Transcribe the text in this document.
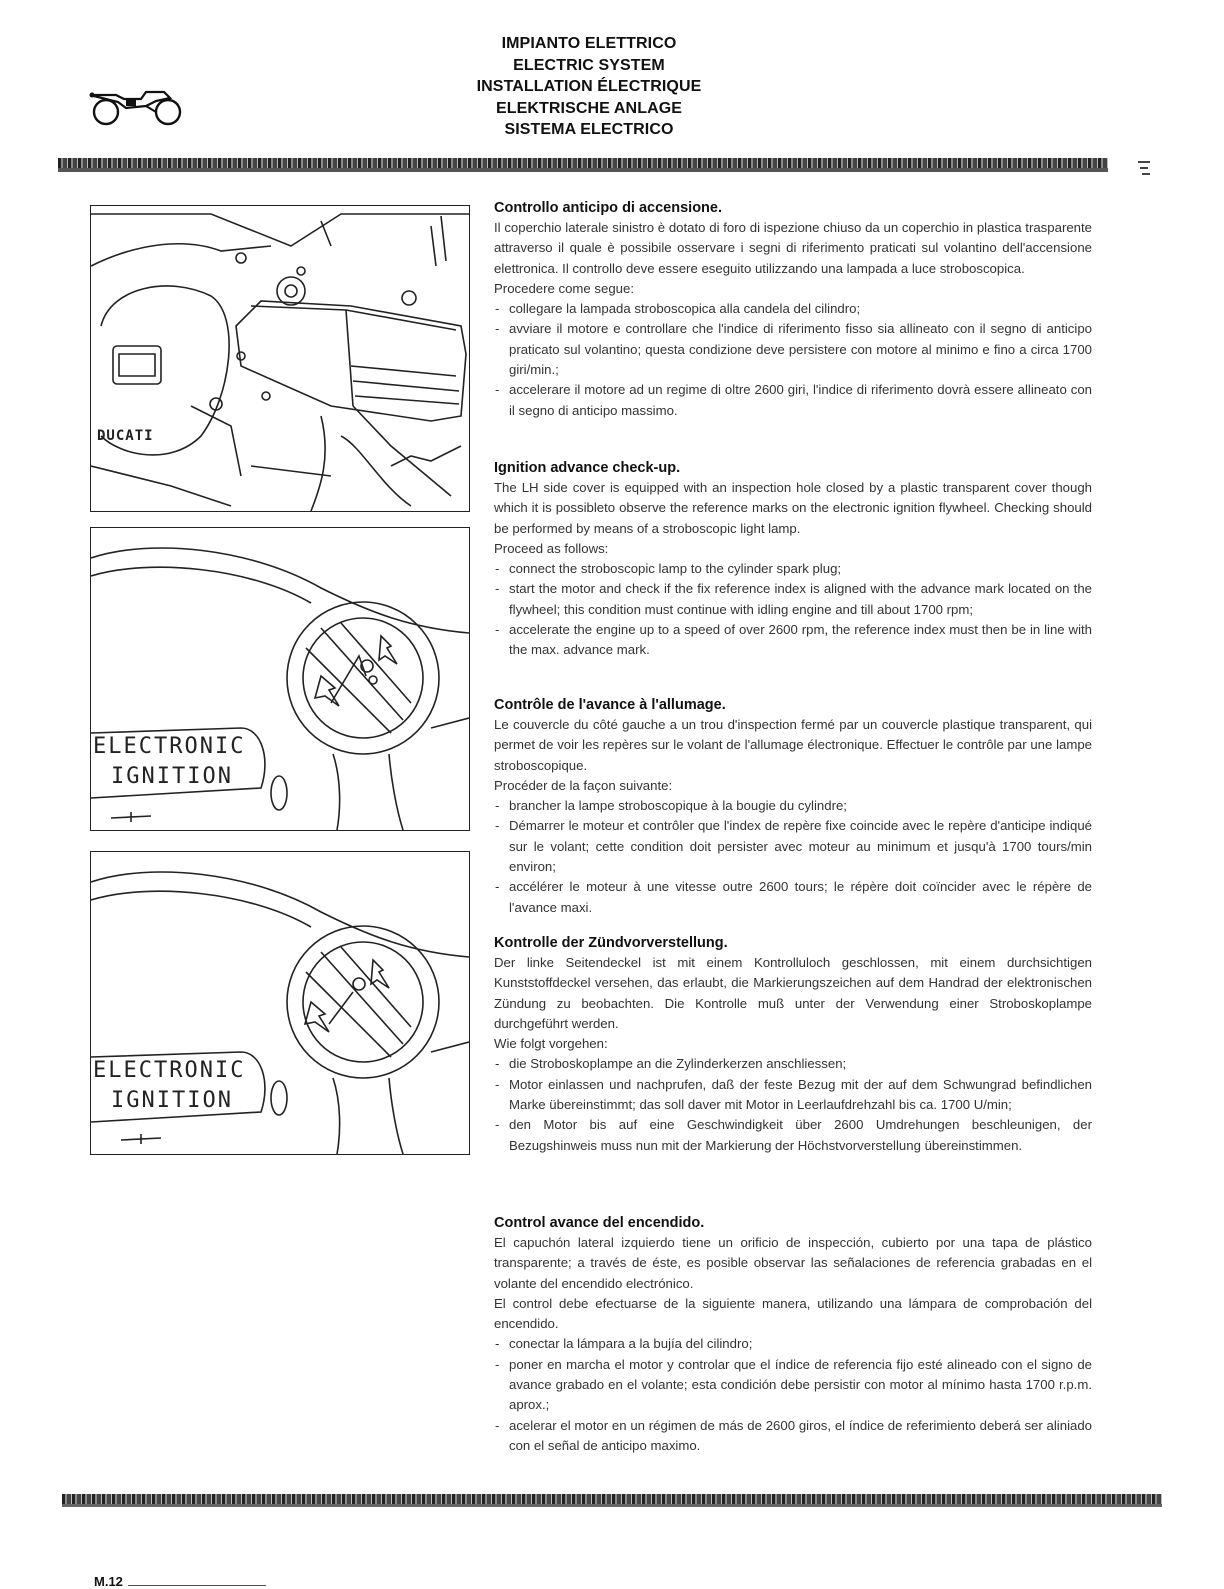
IMPIANTO ELETTRICO
ELECTRIC SYSTEM
INSTALLATION ÉLECTRIQUE
ELEKTRISCHE ANLAGE
SISTEMA ELECTRICO
DUCATI
ELECTRONIC
IGNITION
ELECTRONIC
IGNITION
Controllo anticipo di accensione.

Il coperchio laterale sinistro è dotato di foro di ispezione chiuso da un coperchio in plastica trasparente attraverso il quale è possibile osservare i segni di riferimento praticati sul volantino dell'accensione elettronica. Il controllo deve essere eseguito utilizzando una lampada a luce stroboscopica.

Procedere come segue:

- collegare la lampada stroboscopica alla candela del cilindro;
- avviare il motore e controllare che l'indice di riferimento fisso sia allineato con il segno di anticipo praticato sul volantino; questa condizione deve persistere con motore al minimo e fino a circa 1700 giri/min.;
- accelerare il motore ad un regime di oltre 2600 giri, l'indice di riferimento dovrà essere allineato con il segno di anticipo massimo.
Ignition advance check-up.

The LH side cover is equipped with an inspection hole closed by a plastic transparent cover though which it is possibleto observe the reference marks on the electronic ignition flywheel. Checking should be performed by means of a stroboscopic light lamp.

Proceed as follows:

- connect the stroboscopic lamp to the cylinder spark plug;
- start the motor and check if the fix reference index is aligned with the advance mark located on the flywheel; this condition must continue with idling engine and till about 1700 rpm;
- accelerate the engine up to a speed of over 2600 rpm, the reference index must then be in line with the max. advance mark.
Contrôle de l'avance à l'allumage.

Le couvercle du côté gauche a un trou d'inspection fermé par un couvercle plastique transparent, qui permet de voir les repères sur le volant de l'allumage électronique. Effectuer le contrôle par une lampe stroboscopique.

Procéder de la façon suivante:

- brancher la lampe stroboscopique à la bougie du cylindre;
- Démarrer le moteur et contrôler que l'index de repère fixe coincide avec le repère d'anticipe indiqué sur le volant; cette condition doit persister avec moteur au minimum et jusqu'à 1700 tours/min environ;
- accélérer le moteur à une vitesse outre 2600 tours; le répère doit coïncider avec le répère de l'avance maxi.
Kontrolle der Zündvorverstellung.

Der linke Seitendeckel ist mit einem Kontrolluloch geschlossen, mit einem durchsichtigen Kunststoffdeckel versehen, das erlaubt, die Markierungszeichen auf dem Handrad der elektronischen Zündung zu beobachten. Die Kontrolle muß unter der Verwendung einer Stroboskoplampe durchgeführt werden.

Wie folgt vorgehen:

- die Stroboskoplampe an die Zylinderkerzen anschliessen;
- Motor einlassen und nachprufen, daß der feste Bezug mit der auf dem Schwungrad befindlichen Marke übereinstimmt; das soll daver mit Motor in Leerlaufdrehzahl bis ca. 1700 U/min;
- den Motor bis auf eine Geschwindigkeit über 2600 Umdrehungen beschleunigen, der Bezugshinweis muss nun mit der Markierung der Höchstvorverstellung übereinstimmen.
Control avance del encendido.

El capuchón lateral izquierdo tiene un orificio de inspección, cubierto por una tapa de plástico transparente; a través de éste, es posible observar las señalaciones de referencia grabadas en el volante del encendido electrónico.

El control debe efectuarse de la siguiente manera, utilizando una lámpara de comprobación del encendido.

- conectar la lámpara a la bujía del cilindro;
- poner en marcha el motor y controlar que el índice de referencia fijo esté alineado con el signo de avance grabado en el volante; esta condición debe persistir con motor al mínimo hasta 1700 r.p.m. aprox.;
- acelerar el motor en un régimen de más de 2600 giros, el índice de referimiento deberá ser aliniado con el señal de anticipo maximo.
M.12
